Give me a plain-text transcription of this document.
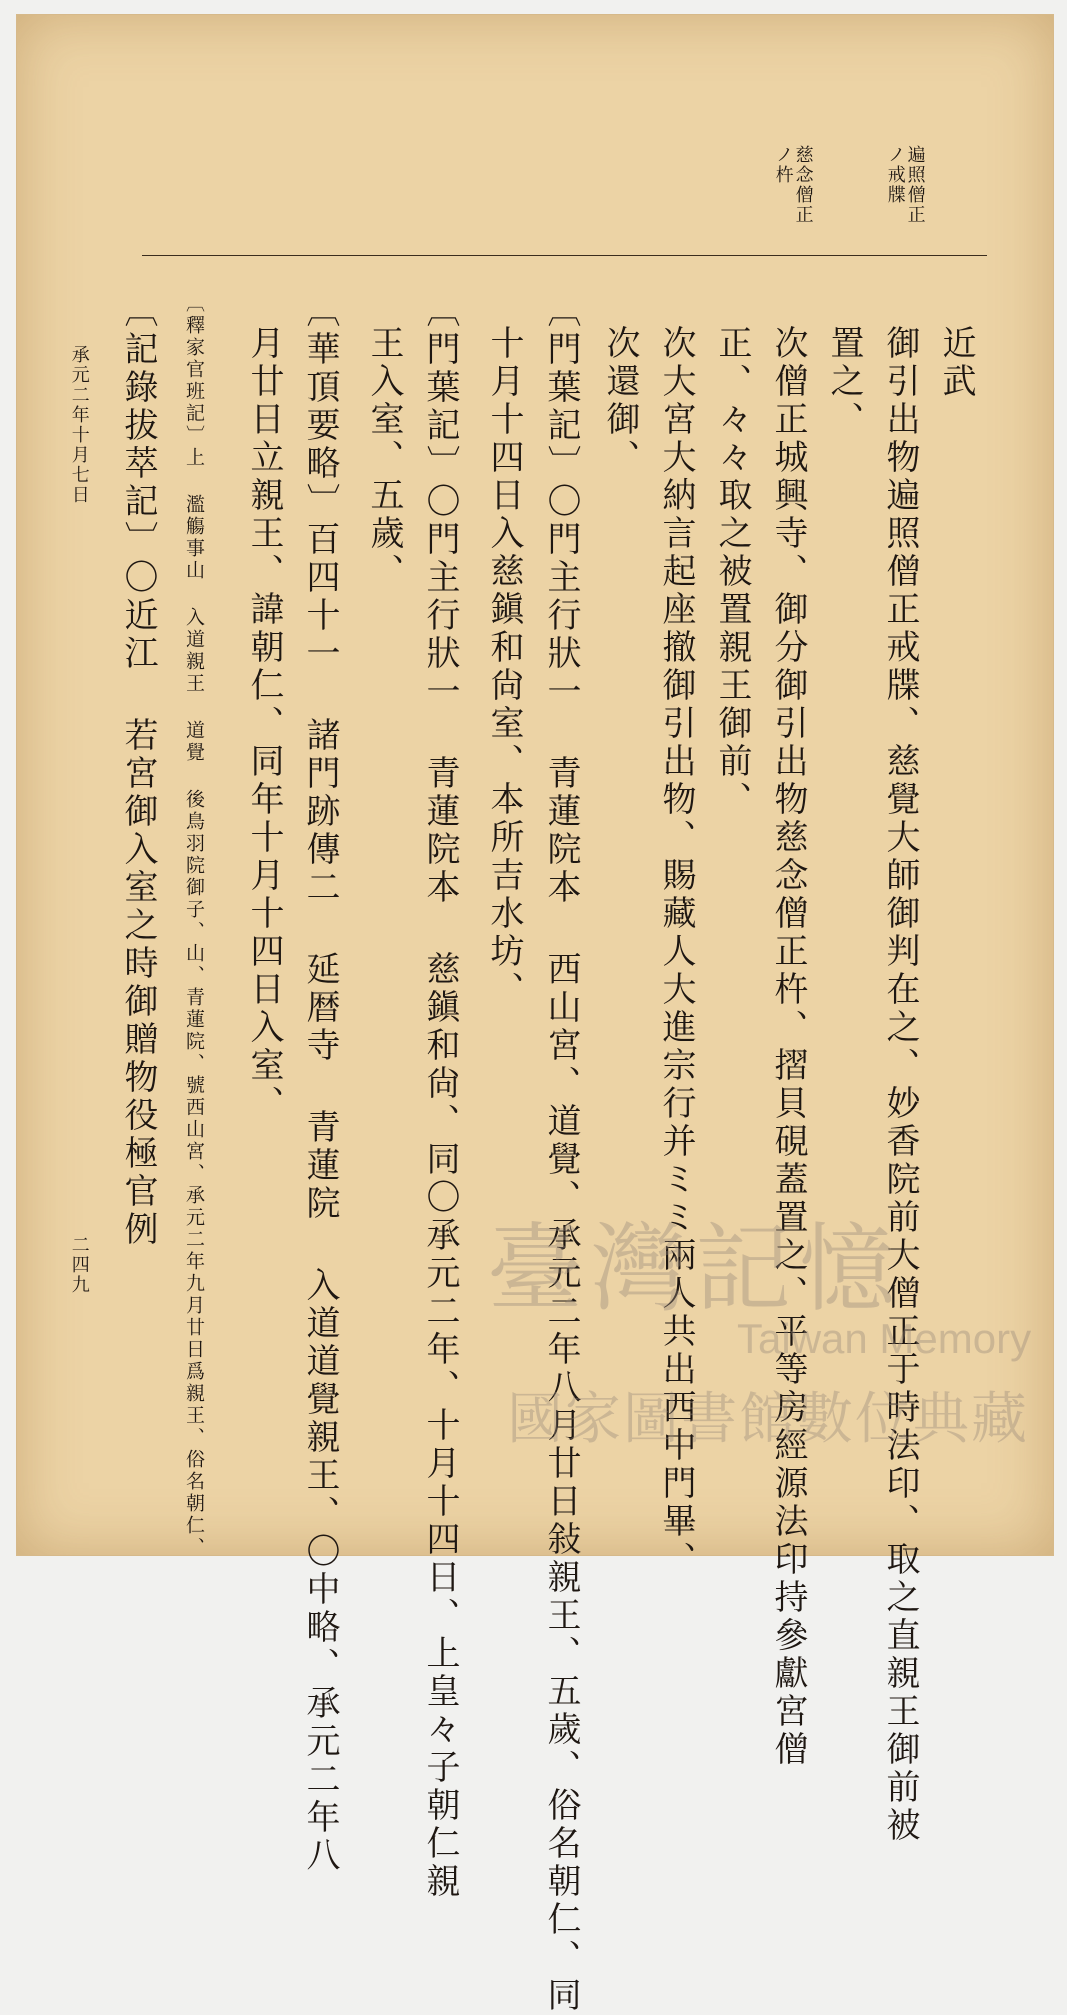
遍照僧正
ノ戒牒
慈念僧正
ノ杵
近武
御引出物遍照僧正戒牒、慈覺大師御判在之、妙香院前大僧正于時法印、取之直親王御前被
置之、
次僧正城興寺、御分御引出物慈念僧正杵、摺貝硯蓋置之、平等房經源法印持參獻宮僧
正、々々取之被置親王御前、
次大宮大納言起座撤御引出物、賜藏人大進宗行并ミミ兩人共出西中門畢、
次還御、
〔門葉記〕〇門主行狀一 青蓮院本 西山宮、道覺、承元二年八月廿日敍親王、五歲、俗名朝仁、同
十月十四日入慈鎭和尙室、本所吉水坊、
〔門葉記〕〇門主行狀一 青蓮院本 慈鎭和尙、同〇承元二年、十月十四日、上皇々子朝仁親
王入室、五歲、
〔華頂要略〕百四十一 諸門跡傳二 延暦寺 青蓮院 入道道覺親王、〇中略、承元二年八
月廿日立親王、諱朝仁、同年十月十四日入室、
〔釋家官班記〕上 濫觴事山 入道親王 道覺 後鳥羽院御子、山、青蓮院、號西山宮、承元二年九月廿日爲親王、俗名朝仁、
〔記錄拔萃記〕〇近江 若宮御入室之時御贈物役極官例
承元二年十月七日
二四九	臺灣記憶
Taiwan Memory
國家圖書館數位典藏
